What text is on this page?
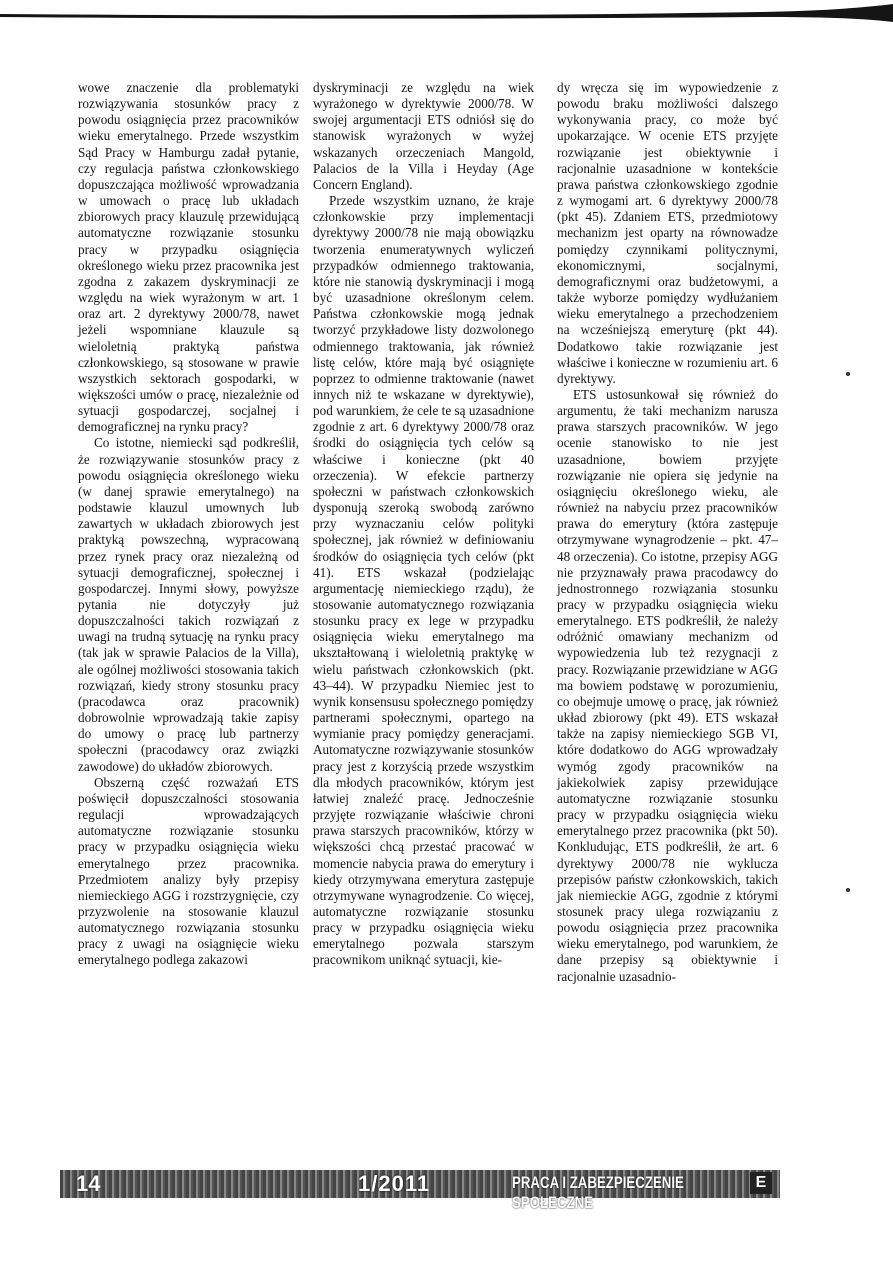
wowe znaczenie dla problematyki rozwiązywania stosunków pracy z powodu osiągnięcia przez pracowników wieku emerytalnego. Przede wszystkim Sąd Pracy w Hamburgu zadał pytanie, czy regulacja państwa członkowskiego dopuszczająca możliwość wprowadzania w umowach o pracę lub układach zbiorowych pracy klauzulę przewidującą automatyczne rozwiązanie stosunku pracy w przypadku osiągnięcia określonego wieku przez pracownika jest zgodna z zakazem dyskryminacji ze względu na wiek wyrażonym w art. 1 oraz art. 2 dyrektywy 2000/78, nawet jeżeli wspomniane klauzule są wieloletnią praktyką państwa członkowskiego, są stosowane w prawie wszystkich sektorach gospodarki, w większości umów o pracę, niezależnie od sytuacji gospodarczej, socjalnej i demograficznej na rynku pracy?

Co istotne, niemiecki sąd podkreślił, że rozwiązywanie stosunków pracy z powodu osiągnięcia określonego wieku (w danej sprawie emerytalnego) na podstawie klauzul umownych lub zawartych w układach zbiorowych jest praktyką powszechną, wypracowaną przez rynek pracy oraz niezależną od sytuacji demograficznej, społecznej i gospodarczej. Innymi słowy, powyższe pytania nie dotyczyły już dopuszczalności takich rozwiązań z uwagi na trudną sytuację na rynku pracy (tak jak w sprawie Palacios de la Villa), ale ogólnej możliwości stosowania takich rozwiązań, kiedy strony stosunku pracy (pracodawca oraz pracownik) dobrowolnie wprowadzają takie zapisy do umowy o pracę lub partnerzy społeczni (pracodawcy oraz związki zawodowe) do układów zbiorowych.

Obszerną część rozważań ETS poświęcił dopuszczalności stosowania regulacji wprowadzających automatyczne rozwiązanie stosunku pracy w przypadku osiągnięcia wieku emerytalnego przez pracownika. Przedmiotem analizy były przepisy niemieckiego AGG i rozstrzygnięcie, czy przyzwolenie na stosowanie klauzul automatycznego rozwiązania stosunku pracy z uwagi na osiągnięcie wieku emerytalnego podlega zakazowi

dyskryminacji ze względu na wiek wyrażonego w dyrektywie 2000/78. W swojej argumentacji ETS odniósł się do stanowisk wyrażonych w wyżej wskazanych orzeczeniach Mangold, Palacios de la Villa i Heyday (Age Concern England).

Przede wszystkim uznano, że kraje członkowskie przy implementacji dyrektywy 2000/78 nie mają obowiązku tworzenia enumeratywnych wyliczeń przypadków odmiennego traktowania, które nie stanowią dyskryminacji i mogą być uzasadnione określonym celem. Państwa członkowskie mogą jednak tworzyć przykładowe listy dozwolonego odmiennego traktowania, jak również listę celów, które mają być osiągnięte poprzez to odmienne traktowanie (nawet innych niż te wskazane w dyrektywie), pod warunkiem, że cele te są uzasadnione zgodnie z art. 6 dyrektywy 2000/78 oraz środki do osiągnięcia tych celów są właściwe i konieczne (pkt 40 orzeczenia). W efekcie partnerzy społeczni w państwach członkowskich dysponują szeroką swobodą zarówno przy wyznaczaniu celów polityki społecznej, jak również w definiowaniu środków do osiągnięcia tych celów (pkt 41). ETS wskazał (podzielając argumentację niemieckiego rządu), że stosowanie automatycznego rozwiązania stosunku pracy ex lege w przypadku osiągnięcia wieku emerytalnego ma ukształtowaną i wieloletnią praktykę w wielu państwach członkowskich (pkt. 43–44). W przypadku Niemiec jest to wynik konsensusu społecznego pomiędzy partnerami społecznymi, opartego na wymianie pracy pomiędzy generacjami. Automatyczne rozwiązywanie stosunków pracy jest z korzyścią przede wszystkim dla młodych pracowników, którym jest łatwiej znaleźć pracę. Jednocześnie przyjęte rozwiązanie właściwie chroni prawa starszych pracowników, którzy w większości chcą przestać pracować w momencie nabycia prawa do emerytury i kiedy otrzymywana emerytura zastępuje otrzymywane wynagrodzenie. Co więcej, automatyczne rozwiązanie stosunku pracy w przypadku osiągnięcia wieku emerytalnego pozwala starszym pracownikom uniknąć sytuacji, kie-

dy wręcza się im wypowiedzenie z powodu braku możliwości dalszego wykonywania pracy, co może być upokarzające. W ocenie ETS przyjęte rozwiązanie jest obiektywnie i racjonalnie uzasadnione w kontekście prawa państwa członkowskiego zgodnie z wymogami art. 6 dyrektywy 2000/78 (pkt 45). Zdaniem ETS, przedmiotowy mechanizm jest oparty na równowadze pomiędzy czynnikami politycznymi, ekonomicznymi, socjalnymi, demograficznymi oraz budżetowymi, a także wyborze pomiędzy wydłużaniem wieku emerytalnego a przechodzeniem na wcześniejszą emeryturę (pkt 44). Dodatkowo takie rozwiązanie jest właściwe i konieczne w rozumieniu art. 6 dyrektywy.

ETS ustosunkował się również do argumentu, że taki mechanizm narusza prawa starszych pracowników. W jego ocenie stanowisko to nie jest uzasadnione, bowiem przyjęte rozwiązanie nie opiera się jedynie na osiągnięciu określonego wieku, ale również na nabyciu przez pracowników prawa do emerytury (która zastępuje otrzymywane wynagrodzenie – pkt. 47–48 orzeczenia). Co istotne, przepisy AGG nie przyznawały prawa pracodawcy do jednostronnego rozwiązania stosunku pracy w przypadku osiągnięcia wieku emerytalnego. ETS podkreślił, że należy odróżnić omawiany mechanizm od wypowiedzenia lub też rezygnacji z pracy. Rozwiązanie przewidziane w AGG ma bowiem podstawę w porozumieniu, co obejmuje umowę o pracę, jak również układ zbiorowy (pkt 49). ETS wskazał także na zapisy niemieckiego SGB VI, które dodatkowo do AGG wprowadzały wymóg zgody pracowników na jakiekolwiek zapisy przewidujące automatyczne rozwiązanie stosunku pracy w przypadku osiągnięcia wieku emerytalnego przez pracownika (pkt 50). Konkludując, ETS podkreślił, że art. 6 dyrektywy 2000/78 nie wyklucza przepisów państw członkowskich, takich jak niemieckie AGG, zgodnie z którymi stosunek pracy ulega rozwiązaniu z powodu osiągnięcia przez pracownika wieku emerytalnego, pod warunkiem, że dane przepisy są obiektywnie i racjonalnie uzasadnio-

14	1/2011	PRACA I ZABEZPIECZENIE SPOŁECZNE
E
